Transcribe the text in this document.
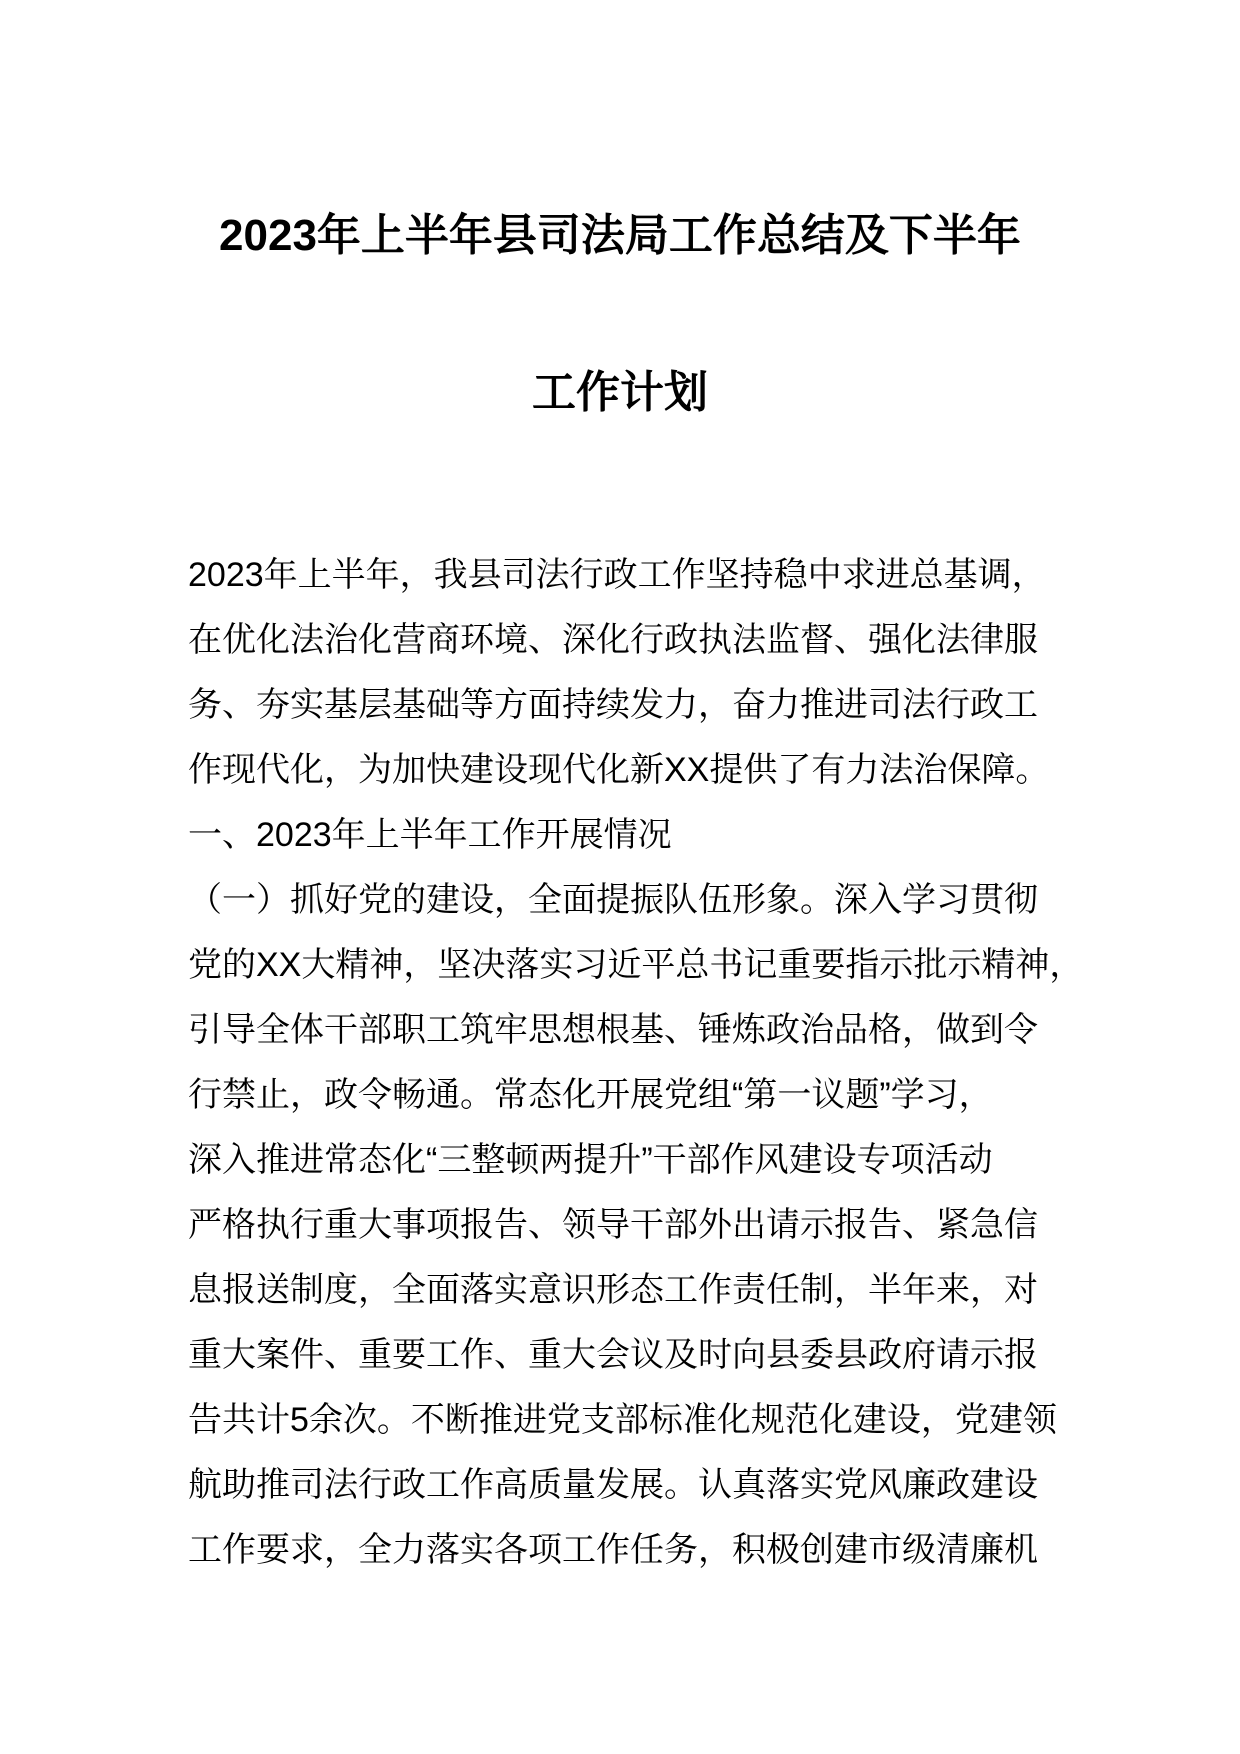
2023年上半年县司法局工作总结及下半年
工作计划
2023年上半年，我县司法行政工作坚持稳中求进总基调，
在优化法治化营商环境、深化行政执法监督、强化法律服
务、夯实基层基础等方面持续发力，奋力推进司法行政工
作现代化，为加快建设现代化新XX提供了有力法治保障。
一、2023年上半年工作开展情况
（一）抓好党的建设，全面提振队伍形象。深入学习贯彻
党的XX大精神，坚决落实习近平总书记重要指示批示精神，
引导全体干部职工筑牢思想根基、锤炼政治品格，做到令
行禁止，政令畅通。常态化开展党组“第一议题”学习，
深入推进常态化“三整顿两提升”干部作风建设专项活动
严格执行重大事项报告、领导干部外出请示报告、紧急信
息报送制度，全面落实意识形态工作责任制，半年来，对
重大案件、重要工作、重大会议及时向县委县政府请示报
告共计5余次。不断推进党支部标准化规范化建设，党建领
航助推司法行政工作高质量发展。认真落实党风廉政建设
工作要求，全力落实各项工作任务，积极创建市级清廉机
